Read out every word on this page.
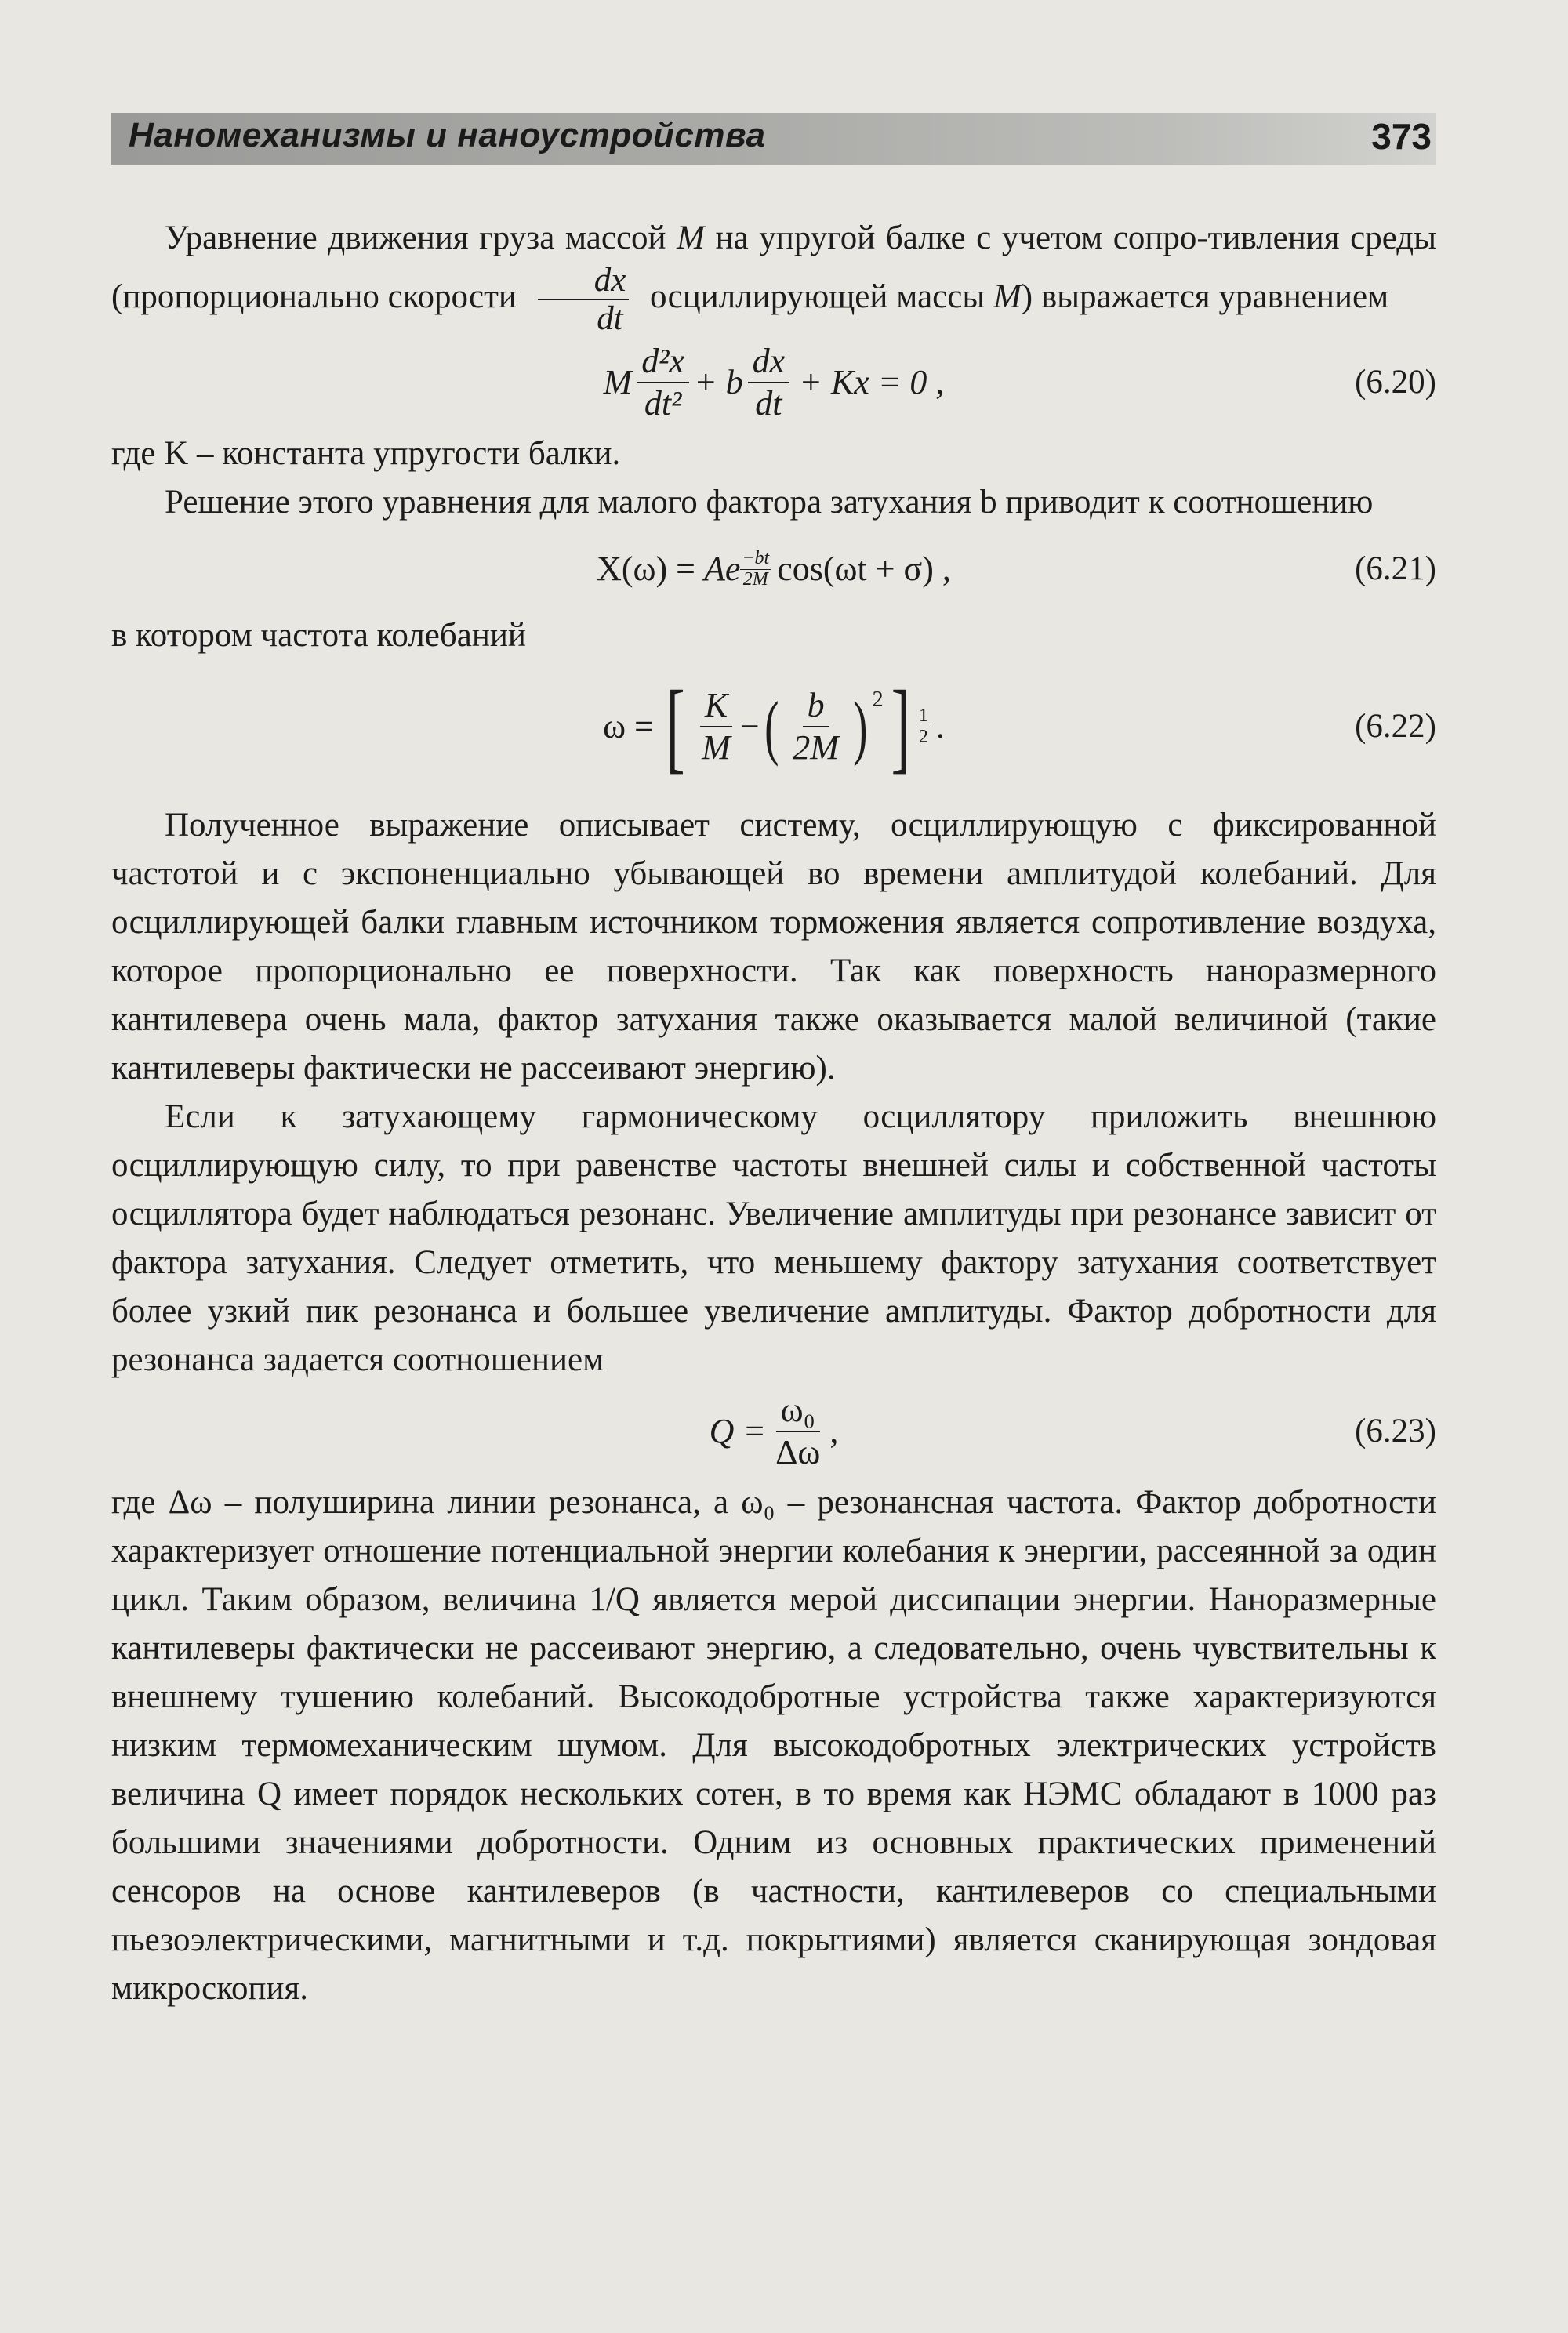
Наномеханизмы и наноустройства	373

Уравнение движения груза массой M на упругой балке с учетом сопро-тивления среды (пропорционально скорости $\frac{dx}{dt}$ осциллирующей массы M) выражается уравнением

M $\frac{\text{d²x}}{\text{dt²}} + b \frac{dx}{dt} + Kx = 0$ ,	(6.20)

где K – константа упругости балки.

Решение этого уравнения для малого фактора затухания b приводит к соотношению

X(ω) = Ae $\frac{-bt}{2M} \cos(\omega t + \sigma)$ ,	(6.21)

в котором частота колебаний

ω = [ $\frac{K}{M}$ − ( $\frac{b}{2M} )^2$ ] $\frac{1}{2}$ .	(6.22)

Полученное выражение описывает систему, осциллирующую с фиксированной частотой и с экспоненциально убывающей во времени амплитудой колебаний. Для осциллирующей балки главным источником торможения является сопротивление воздуха, которое пропорционально ее поверхности. Так как поверхность наноразмерного кантилевера очень мала, фактор затухания также оказывается малой величиной (такие кантилеверы фактически не рассеивают энергию).

Если к затухающему гармоническому осциллятору приложить внешнюю осциллирующую силу, то при равенстве частоты внешней силы и собственной частоты осциллятора будет наблюдаться резонанс. Увеличение амплитуды при резонансе зависит от фактора затухания. Следует отметить, что меньшему фактору затухания соответствует более узкий пик резонанса и большее увеличение амплитуды. Фактор добротности для резонанса задается соотношением

$Q = \frac{\text{ω₀}}{\Delta\omega}$ ,	(6.23)

где Δω – полуширина линии резонанса, а ω₀ – резонансная частота. Фактор добротности характеризует отношение потенциальной энергии колебания к энергии, рассеянной за один цикл. Таким образом, величина 1/Q является мерой диссипации энергии. Наноразмерные кантилеверы фактически не рассеивают энергию, а следовательно, очень чувствительны к внешнему тушению колебаний. Высокодобротные устройства также характеризуются низким термомеханическим шумом. Для высокодобротных электрических устройств величина Q имеет порядок нескольких сотен, в то время как НЭМС обладают в 1000 раз большими значениями добротности. Одним из основных практических применений сенсоров на основе кантилеверов (в частности, кантилеверов со специальными пьезоэлектрическими, магнитными и т.д. покрытиями) является сканирующая зондовая микроскопия.
